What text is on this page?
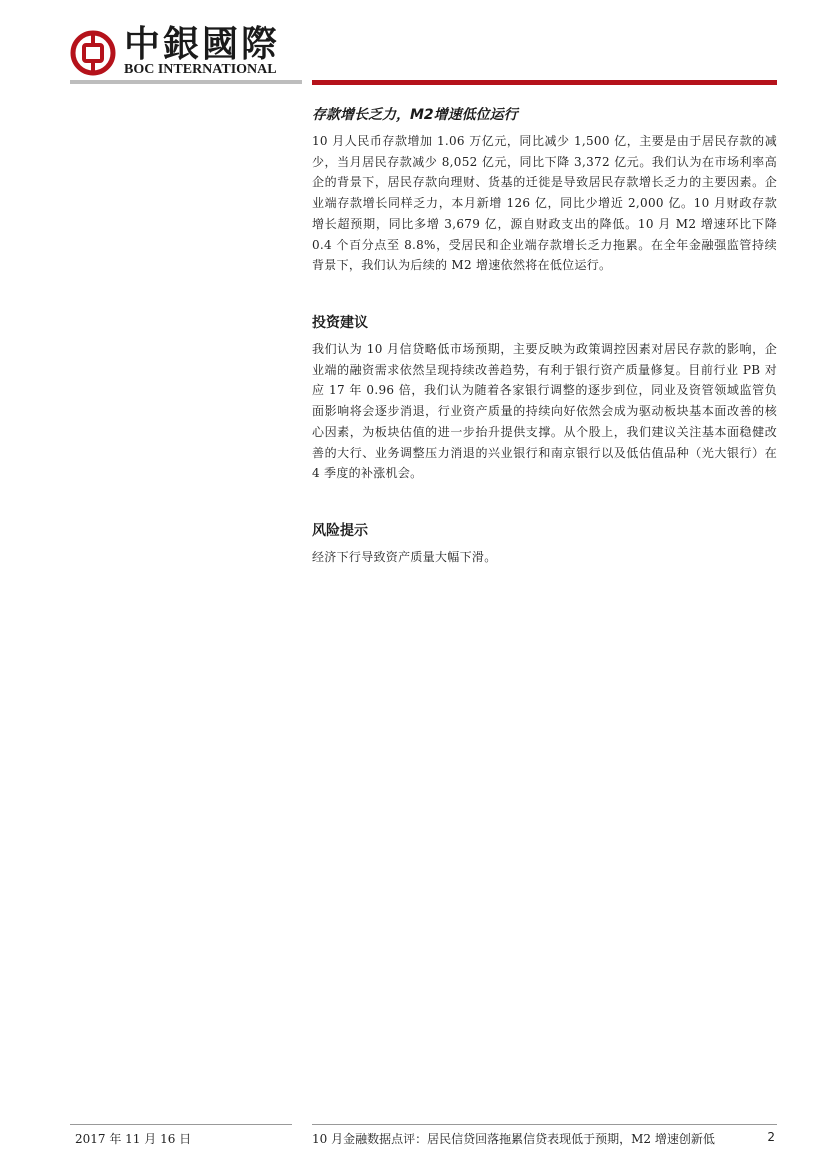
中銀國際
BOC INTERNATIONAL
存款增长乏力，M2增速低位运行

10 月人民币存款增加 1.06 万亿元，同比减少 1,500 亿，主要是由于居民存款的减少，当月居民存款减少 8,052 亿元，同比下降 3,372 亿元。我们认为在市场利率高企的背景下，居民存款向理财、货基的迁徙是导致居民存款增长乏力的主要因素。企业端存款增长同样乏力，本月新增 126 亿，同比少增近 2,000 亿。10 月财政存款增长超预期，同比多增 3,679 亿，源自财政支出的降低。10 月 M2 增速环比下降 0.4 个百分点至 8.8%，受居民和企业端存款增长乏力拖累。在全年金融强监管持续背景下，我们认为后续的 M2 增速依然将在低位运行。

投资建议

我们认为 10 月信贷略低市场预期，主要反映为政策调控因素对居民存款的影响，企业端的融资需求依然呈现持续改善趋势，有利于银行资产质量修复。目前行业 PB 对应 17 年 0.96 倍，我们认为随着各家银行调整的逐步到位，同业及资管领域监管负面影响将会逐步消退，行业资产质量的持续向好依然会成为驱动板块基本面改善的核心因素，为板块估值的进一步抬升提供支撑。从个股上，我们建议关注基本面稳健改善的大行、业务调整压力消退的兴业银行和南京银行以及低估值品种（光大银行）在 4 季度的补涨机会。

风险提示

经济下行导致资产质量大幅下滑。

2017 年 11 月 16 日	10 月金融数据点评：居民信贷回落拖累信贷表现低于预期，M2 增速创新低	2
